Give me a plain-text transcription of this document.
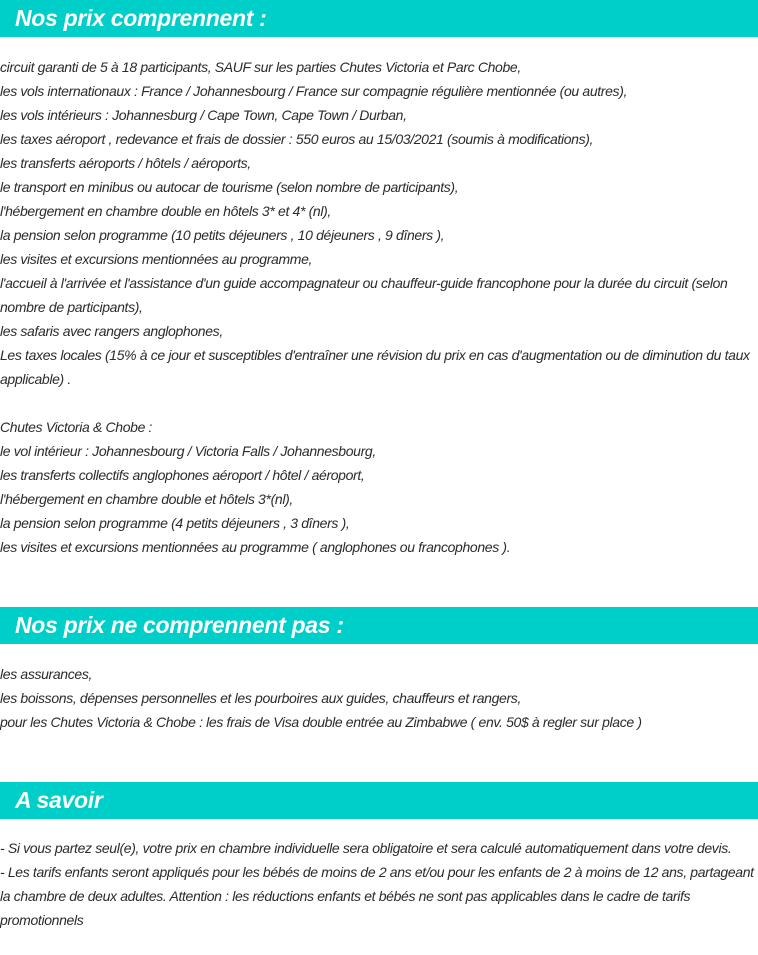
Nos prix comprennent :
circuit garanti de 5 à 18 participants, SAUF sur les parties Chutes Victoria et Parc Chobe,
les vols internationaux : France / Johannesbourg / France sur compagnie régulière mentionnée (ou autres),
les vols intérieurs : Johannesburg / Cape Town, Cape Town / Durban,
les taxes aéroport , redevance et frais de dossier : 550 euros au 15/03/2021 (soumis à modifications),
les transferts aéroports / hôtels / aéroports,
le transport en minibus ou autocar de tourisme (selon nombre de participants),
l'hébergement en chambre double en hôtels 3* et 4* (nl),
la pension selon programme (10 petits déjeuners , 10 déjeuners , 9 dîners ),
les visites et excursions mentionnées au programme,
l'accueil à l'arrivée et l'assistance d'un guide accompagnateur ou chauffeur-guide francophone pour la durée du circuit (selon nombre de participants),
les safaris avec rangers anglophones,
Les taxes locales (15% à ce jour et susceptibles d'entraîner une révision du prix en cas d'augmentation ou de diminution du taux applicable) .
Chutes Victoria & Chobe :
le vol intérieur : Johannesbourg / Victoria Falls / Johannesbourg,
les transferts collectifs anglophones aéroport / hôtel / aéroport,
l'hébergement en chambre double et hôtels 3*(nl),
la pension selon programme (4 petits déjeuners , 3 dîners ),
les visites et excursions mentionnées au programme ( anglophones ou francophones ).
Nos prix ne comprennent pas :
les assurances,
les boissons, dépenses personnelles et les pourboires aux guides, chauffeurs et rangers,
pour les Chutes Victoria & Chobe : les frais de Visa double entrée au Zimbabwe ( env. 50$ à regler sur place )
A savoir
- Si vous partez seul(e), votre prix en chambre individuelle sera obligatoire et sera calculé automatiquement dans votre devis.
- Les tarifs enfants seront appliqués pour les bébés de moins de 2 ans et/ou pour les enfants de 2 à moins de 12 ans, partageant la chambre de deux adultes. Attention : les réductions enfants et bébés ne sont pas applicables dans le cadre de tarifs promotionnels
